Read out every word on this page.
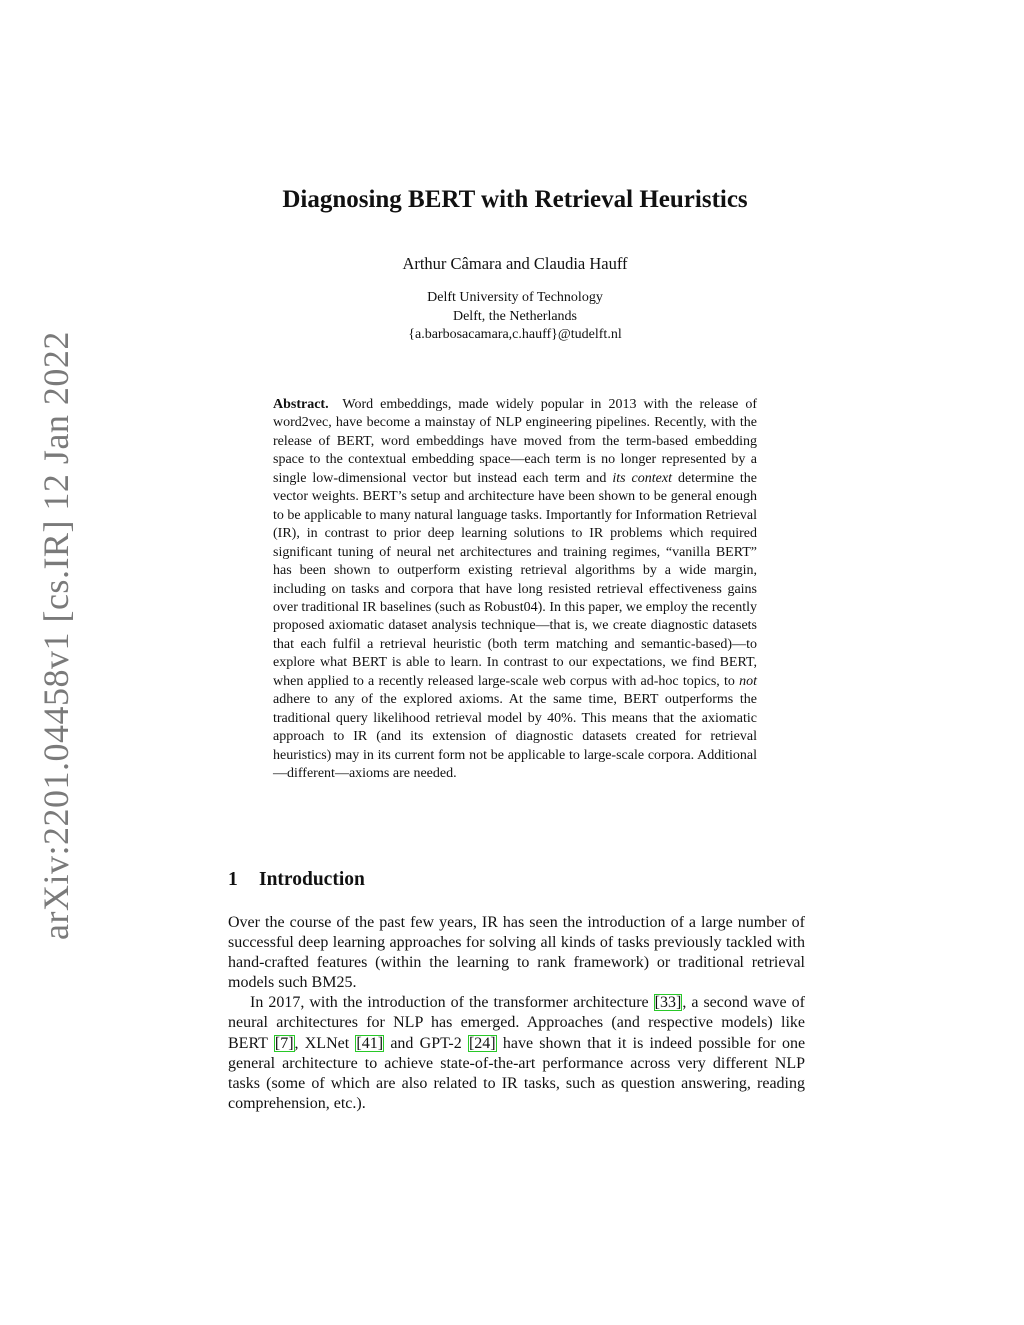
arXiv:2201.04458v1 [cs.IR] 12 Jan 2022
Diagnosing BERT with Retrieval Heuristics
Arthur Câmara and Claudia Hauff
Delft University of Technology
Delft, the Netherlands
{a.barbosacamara,c.hauff}@tudelft.nl
Abstract. Word embeddings, made widely popular in 2013 with the release of word2vec, have become a mainstay of NLP engineering pipelines. Recently, with the release of BERT, word embeddings have moved from the term-based embedding space to the contextual embedding space—each term is no longer represented by a single low-dimensional vector but instead each term and its context determine the vector weights. BERT’s setup and architecture have been shown to be general enough to be applicable to many natural language tasks. Importantly for Information Retrieval (IR), in contrast to prior deep learning solutions to IR problems which required significant tuning of neural net architectures and training regimes, “vanilla BERT” has been shown to outperform existing retrieval algorithms by a wide margin, including on tasks and corpora that have long resisted retrieval effectiveness gains over traditional IR baselines (such as Robust04). In this paper, we employ the recently proposed axiomatic dataset analysis technique—that is, we create diagnostic datasets that each fulfil a retrieval heuristic (both term matching and semantic-based)—to explore what BERT is able to learn. In contrast to our expectations, we find BERT, when applied to a recently released large-scale web corpus with ad-hoc topics, to not adhere to any of the explored axioms. At the same time, BERT outperforms the traditional query likelihood retrieval model by 40%. This means that the axiomatic approach to IR (and its extension of diagnostic datasets created for retrieval heuristics) may in its current form not be applicable to large-scale corpora. Additional—different—axioms are needed.
1 Introduction

Over the course of the past few years, IR has seen the introduction of a large number of successful deep learning approaches for solving all kinds of tasks previously tackled with hand-crafted features (within the learning to rank framework) or traditional retrieval models such BM25.

In 2017, with the introduction of the transformer architecture [33], a second wave of neural architectures for NLP has emerged. Approaches (and respective models) like BERT [7], XLNet [41] and GPT-2 [24] have shown that it is indeed possible for one general architecture to achieve state-of-the-art performance across very different NLP tasks (some of which are also related to IR tasks, such as question answering, reading comprehension, etc.).
